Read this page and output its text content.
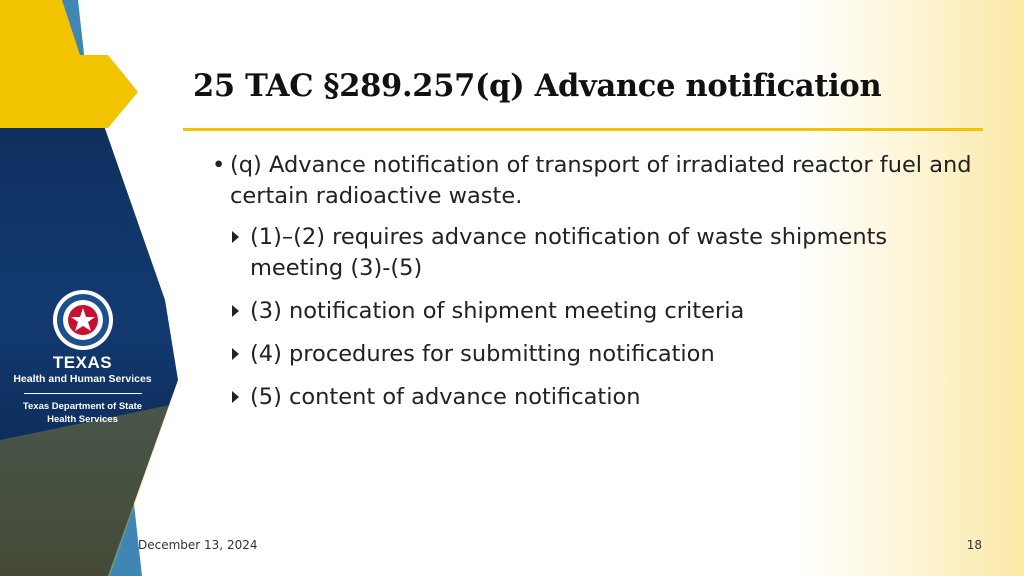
TEXAS
Health and Human Services
Texas Department of State
Health Services
25 TAC §289.257(q) Advance notification
• (q) Advance notification of transport of irradiated reactor fuel and certain radioactive waste.
(1)–(2) requires advance notification of waste shipments meeting (3)-(5)
(3) notification of shipment meeting criteria
(4) procedures for submitting notification
(5) content of advance notification
December 13, 2024	18
